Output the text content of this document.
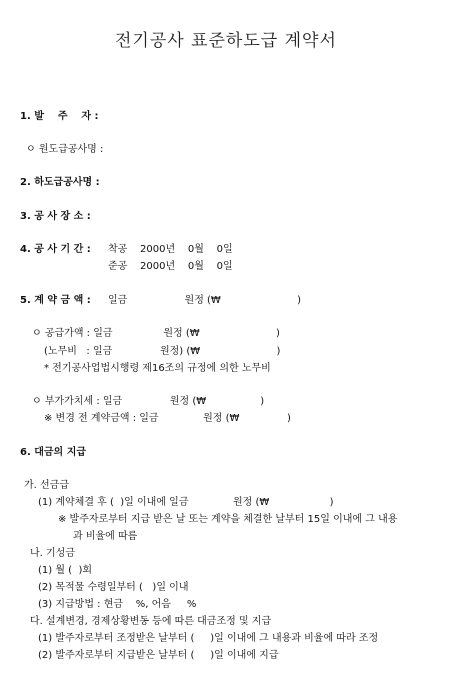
전기공사 표준하도급 계약서
1. 발    주    자 :
ㅇ 원도급공사명 :
2. 하도급공사명 :
3. 공 사 장 소 :
4. 공 사 기 간 : 착공    2000년    0월    0일
준공    2000년    0월    0일
5. 계 약 금 액 : 일금                  원정 (₩                        )
ㅇ 공급가액 : 일금                원정 (₩                        )
(노무비   : 일금               원정) (₩                        )
* 전기공사업법시행령 제16조의 규정에 의한 노무비
ㅇ 부가가치세 : 일금               원정 (₩                 )
※ 변경 전 계약금액 : 일금              원정 (₩               )
6. 대금의 지급
가. 선금급
(1) 계약체결 후 (  )일 이내에 일금              원정 (₩                   )
※ 발주자로부터 지급 받은 날 또는 계약을 체결한 날부터 15일 이내에 그 내용
과 비율에 따름
나. 기성금
(1) 월 (  )회
(2) 목적물 수령일부터 (   )일 이내
(3) 지급방법 : 현금    %, 어음     %
다. 설계변경, 경제상황변동 등에 따른 대금조정 및 지급
(1) 발주자로부터 조정받은 날부터 (     )일 이내에 그 내용과 비율에 따라 조정
(2) 발주자로부터 지급받은 날부터 (     )일 이내에 지급
